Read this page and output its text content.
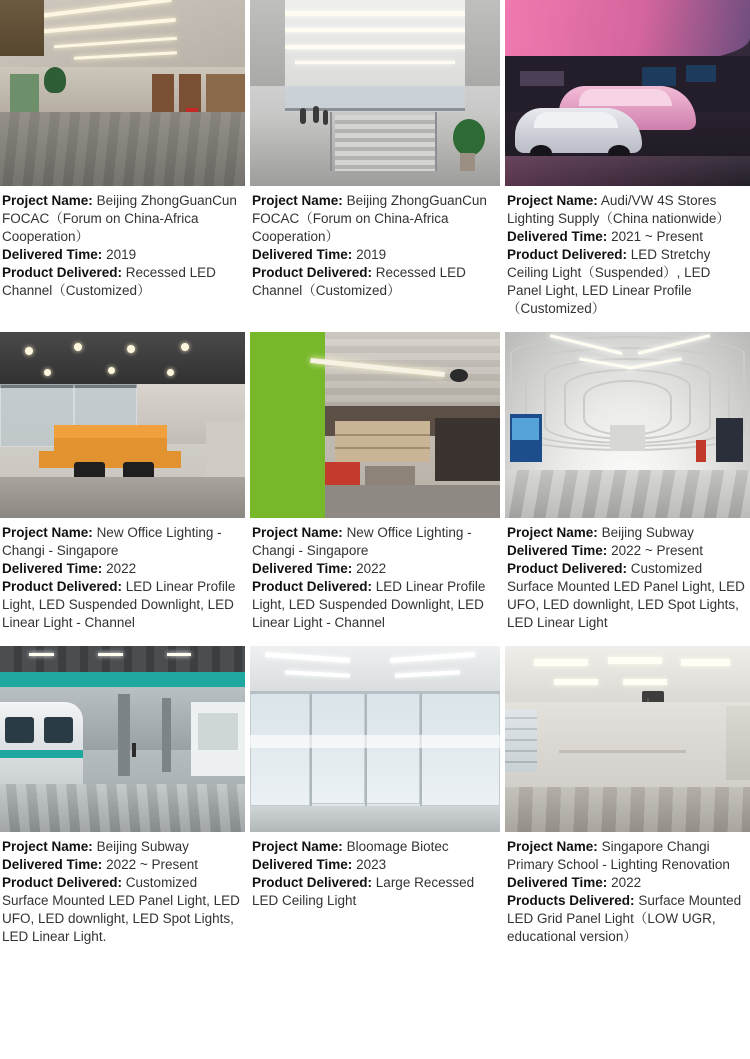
Project Name: Beijing ZhongGuanCun FOCAC（Forum on China-Africa Cooperation）

Delivered Time: 2019

Product Delivered: Recessed LED Channel（Customized）

Project Name: Beijing ZhongGuanCun FOCAC（Forum on China-Africa Cooperation）

Delivered Time: 2019

Product Delivered: Recessed LED Channel（Customized）

Project Name: Audi/VW 4S Stores Lighting Supply（China nationwide）

Delivered Time: 2021 ~ Present

Product Delivered: LED Stretchy Ceiling Light（Suspended）, LED Panel Light, LED Linear Profile（Customized）

Project Name: New Office Lighting - Changi - Singapore

Delivered Time: 2022

Product Delivered: LED Linear Profile Light, LED Suspended Downlight, LED Linear Light - Channel

Project Name: New Office Lighting - Changi - Singapore

Delivered Time: 2022

Product Delivered: LED Linear Profile Light, LED Suspended Downlight, LED Linear Light - Channel

Project Name: Beijing Subway

Delivered Time: 2022 ~ Present

Product Delivered: Customized Surface Mounted LED Panel Light, LED UFO, LED downlight, LED Spot Lights, LED Linear Light

Project Name: Beijing Subway

Delivered Time: 2022 ~ Present

Product Delivered: Customized Surface Mounted LED Panel Light, LED UFO, LED downlight, LED Spot Lights, LED Linear Light.

Project Name: Bloomage Biotec

Delivered Time: 2023

Product Delivered: Large Recessed LED Ceiling Light

Project Name: Singapore Changi Primary School - Lighting Renovation

Delivered Time: 2022

Products Delivered: Surface Mounted LED Grid Panel Light（LOW UGR, educational version）
